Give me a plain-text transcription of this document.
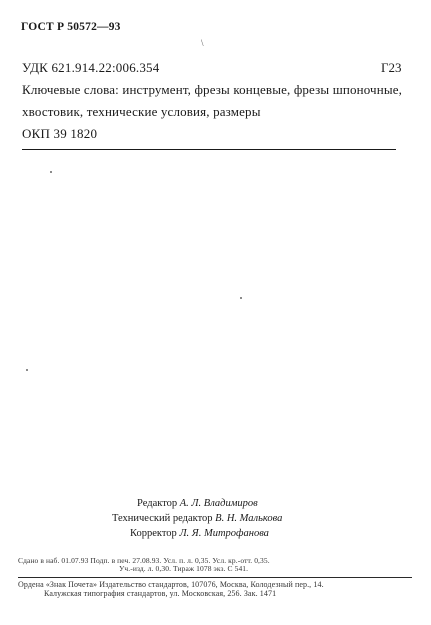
ГОСТ Р 50572—93
\
УДК 621.914.22:006.354	Г23
Ключевые слова: инструмент, фрезы концевые, фрезы шпоночные,
хвостовик, технические условия, размеры
ОКП 39 1820
Редактор А. Л. Владимиров
Технический редактор В. Н. Малькова
Корректор Л. Я. Митрофанова
Сдано в наб. 01.07.93 Подп. в печ. 27.08.93. Усл. п. л. 0,35. Усл. кр.-отт. 0,35.
Уч.-изд. л. 0,30. Тираж 1078 экз. С 541.
Ордена «Знак Почета» Издательство стандартов, 107076, Москва, Колодезный пер., 14.
Калужская типография стандартов, ул. Московская, 256. Зак. 1471
